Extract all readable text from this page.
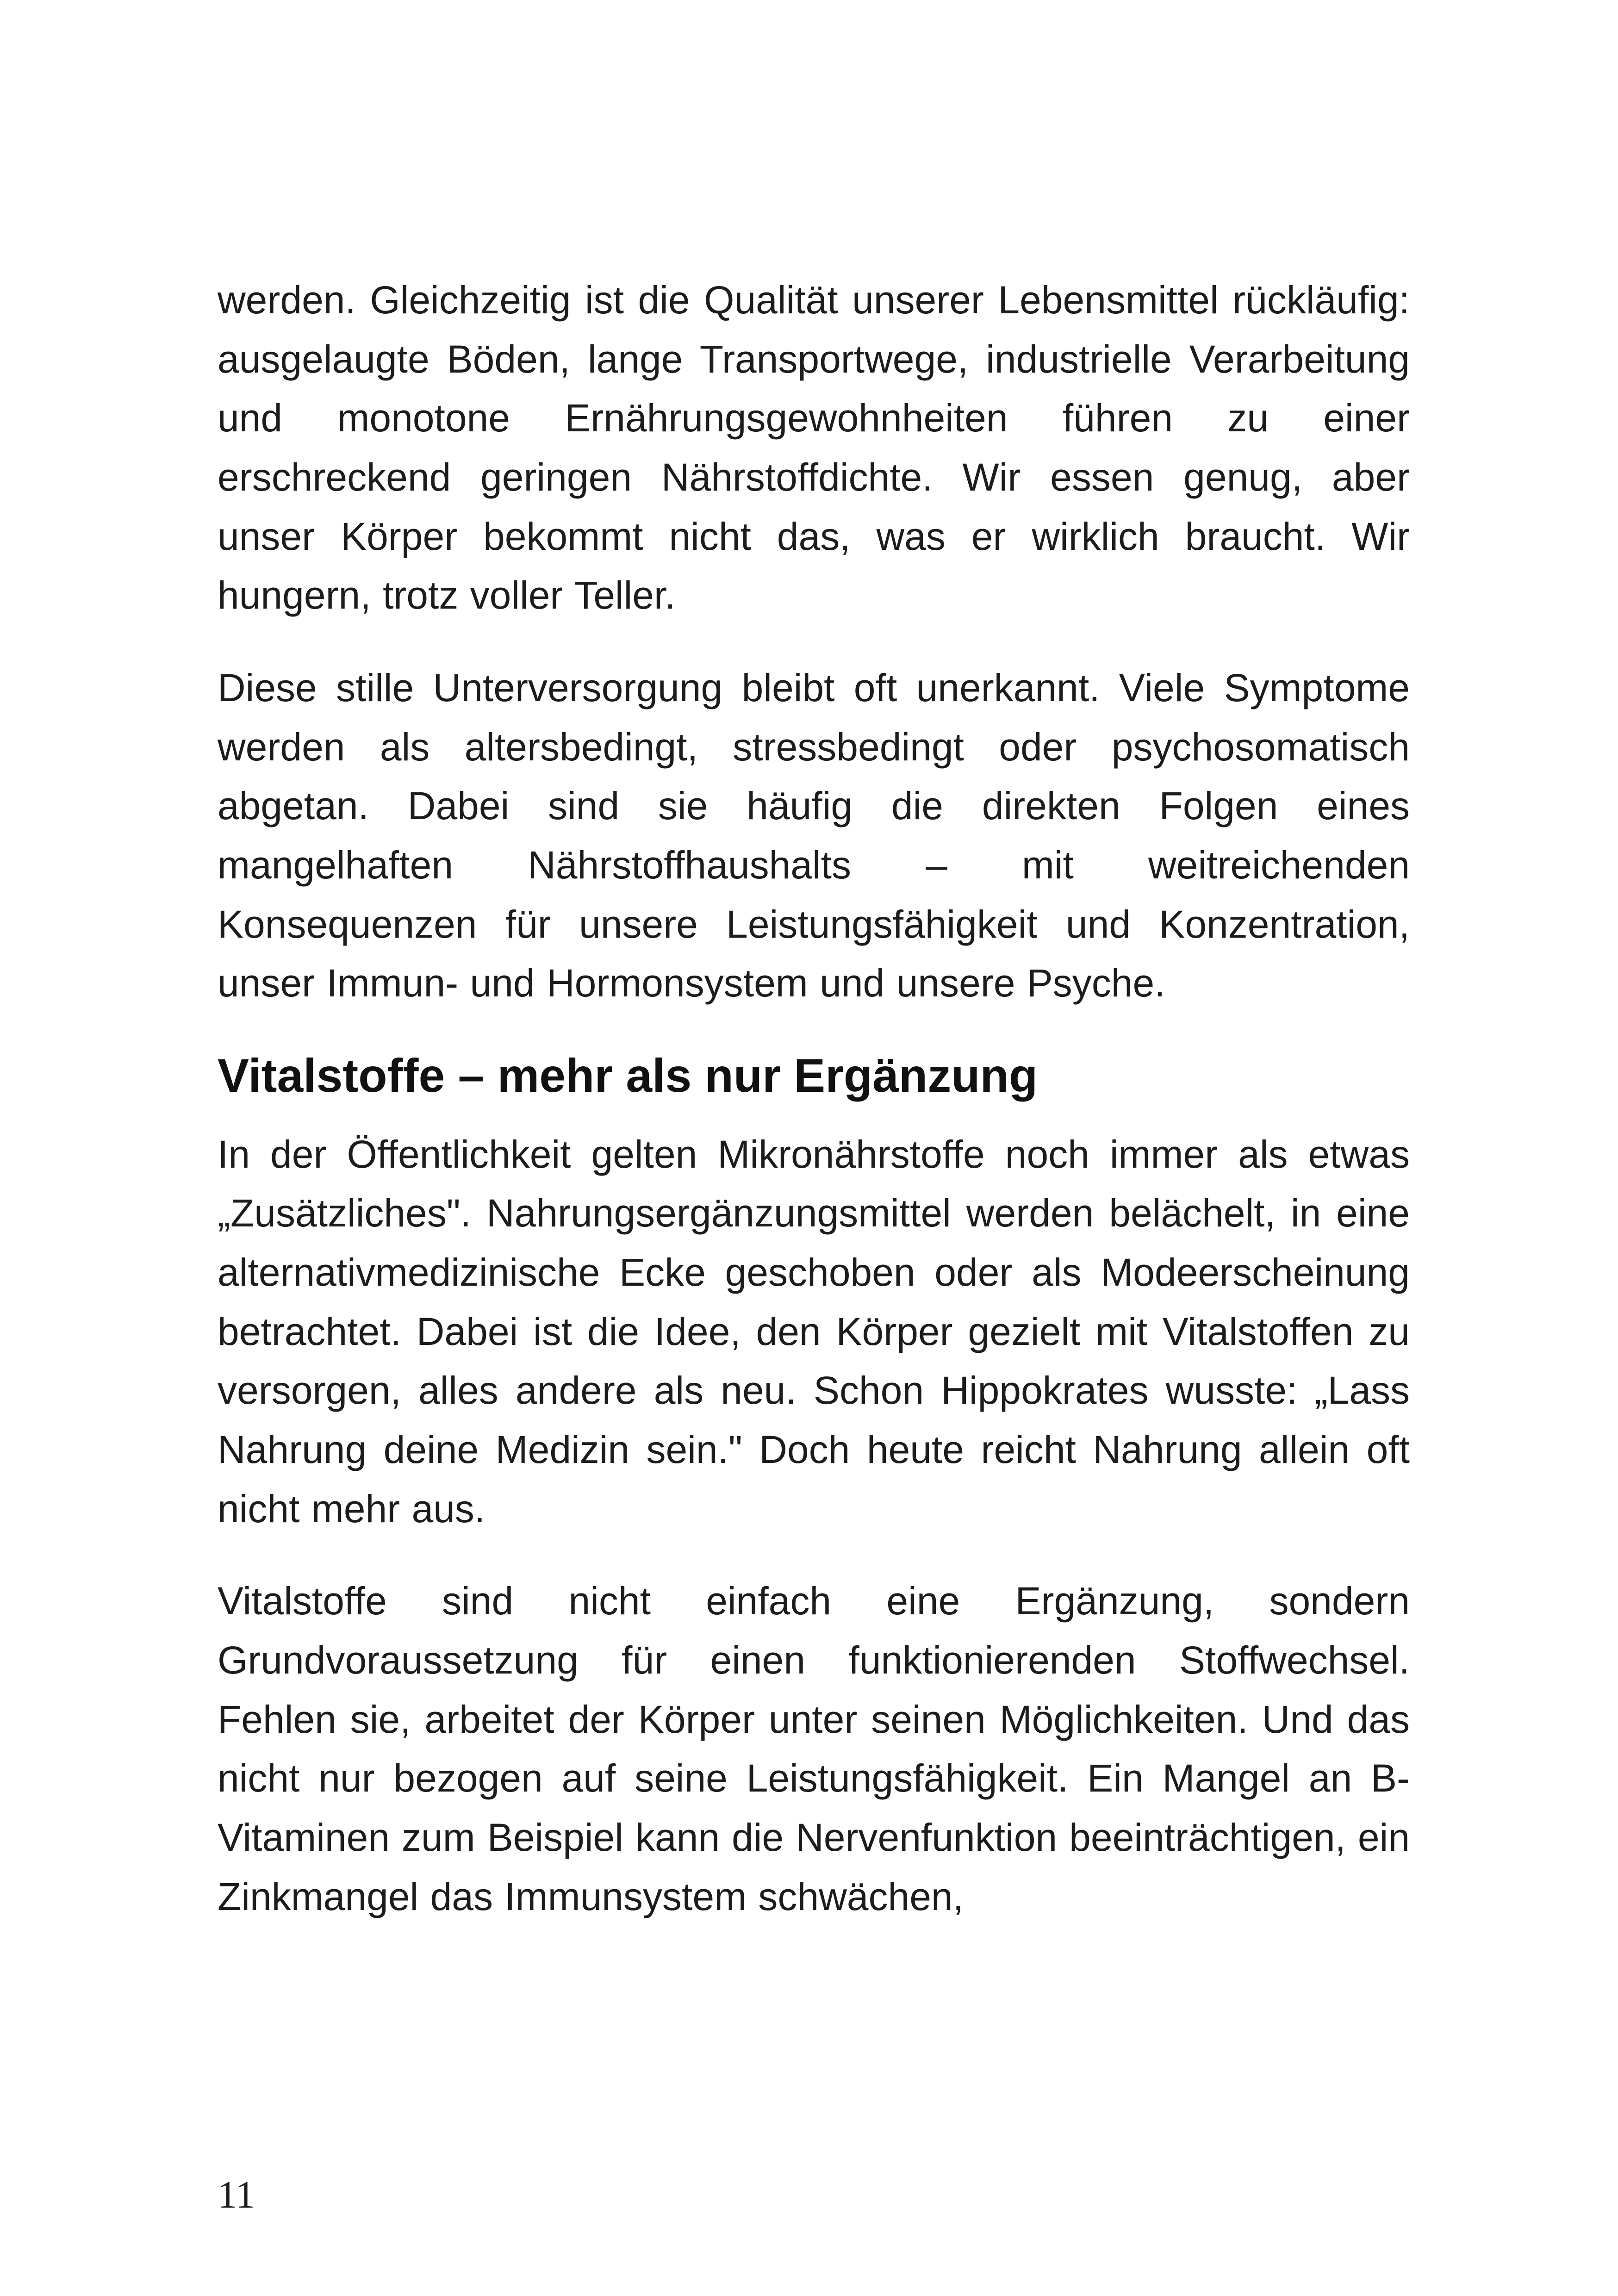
werden. Gleichzeitig ist die Qualität unserer Lebensmittel rückläufig: ausgelaugte Böden, lange Transportwege, industrielle Verarbeitung und monotone Ernährungsgewohnheiten führen zu einer erschreckend geringen Nährstoffdichte. Wir essen genug, aber unser Körper bekommt nicht das, was er wirklich braucht. Wir hungern, trotz voller Teller.

Diese stille Unterversorgung bleibt oft unerkannt. Viele Symptome werden als altersbedingt, stressbedingt oder psychosomatisch abgetan. Dabei sind sie häufig die direkten Folgen eines mangelhaften Nährstoffhaushalts – mit weitreichenden Konsequenzen für unsere Leistungsfähigkeit und Konzentration, unser Immun- und Hormonsystem und unsere Psyche.

Vitalstoffe – mehr als nur Ergänzung

In der Öffentlichkeit gelten Mikronährstoffe noch immer als etwas „Zusätzliches". Nahrungsergänzungsmittel werden belächelt, in eine alternativmedizinische Ecke geschoben oder als Modeerscheinung betrachtet. Dabei ist die Idee, den Körper gezielt mit Vitalstoffen zu versorgen, alles andere als neu. Schon Hippokrates wusste: „Lass Nahrung deine Medizin sein." Doch heute reicht Nahrung allein oft nicht mehr aus.

Vitalstoffe sind nicht einfach eine Ergänzung, sondern Grundvoraussetzung für einen funktionierenden Stoffwechsel. Fehlen sie, arbeitet der Körper unter seinen Möglichkeiten. Und das nicht nur bezogen auf seine Leistungsfähigkeit. Ein Mangel an B-Vitaminen zum Beispiel kann die Nervenfunktion beeinträchtigen, ein Zinkmangel das Immunsystem schwächen,

11
